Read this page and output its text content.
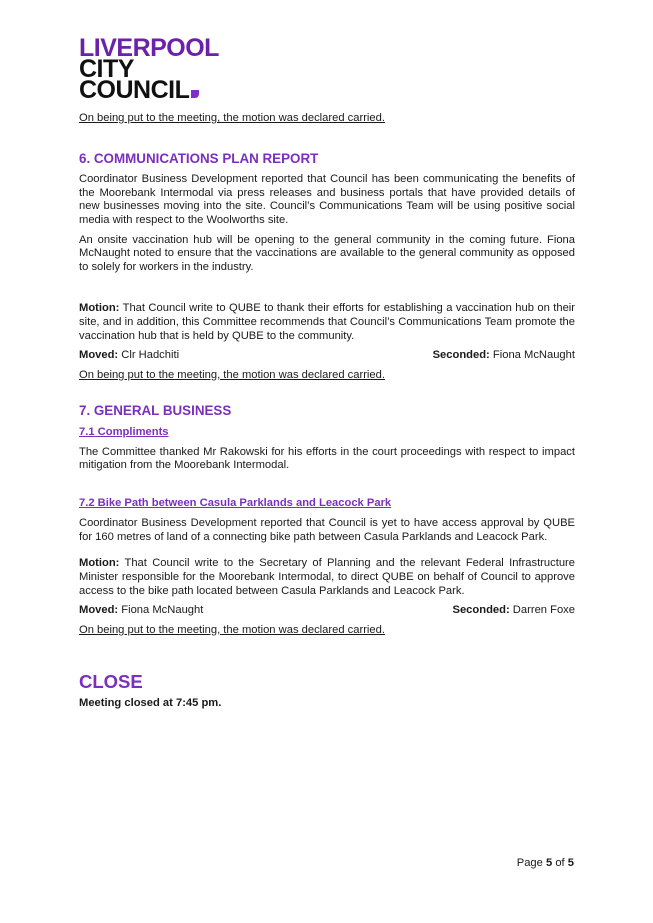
LIVERPOOL
CITY
COUNCIL

On being put to the meeting, the motion was declared carried.

6. COMMUNICATIONS PLAN REPORT

Coordinator Business Development reported that Council has been communicating the benefits of the Moorebank Intermodal via press releases and business portals that have provided details of new businesses moving into the site. Council’s Communications Team will be using positive social media with respect to the Woolworths site.

An onsite vaccination hub will be opening to the general community in the coming future. Fiona McNaught noted to ensure that the vaccinations are available to the general community as opposed to solely for workers in the industry.

Motion: That Council write to QUBE to thank their efforts for establishing a vaccination hub on their site, and in addition, this Committee recommends that Council’s Communications Team promote the vaccination hub that is held by QUBE to the community.

Moved: Clr Hadchiti	Seconded: Fiona McNaught

On being put to the meeting, the motion was declared carried.

7. GENERAL BUSINESS

7.1 Compliments

The Committee thanked Mr Rakowski for his efforts in the court proceedings with respect to impact mitigation from the Moorebank Intermodal.

7.2 Bike Path between Casula Parklands and Leacock Park

Coordinator Business Development reported that Council is yet to have access approval by QUBE for 160 metres of land of a connecting bike path between Casula Parklands and Leacock Park.

Motion: That Council write to the Secretary of Planning and the relevant Federal Infrastructure Minister responsible for the Moorebank Intermodal, to direct QUBE on behalf of Council to approve access to the bike path located between Casula Parklands and Leacock Park.

Moved: Fiona McNaught	Seconded: Darren Foxe

On being put to the meeting, the motion was declared carried.

CLOSE

Meeting closed at 7:45 pm.

Page 5 of 5
